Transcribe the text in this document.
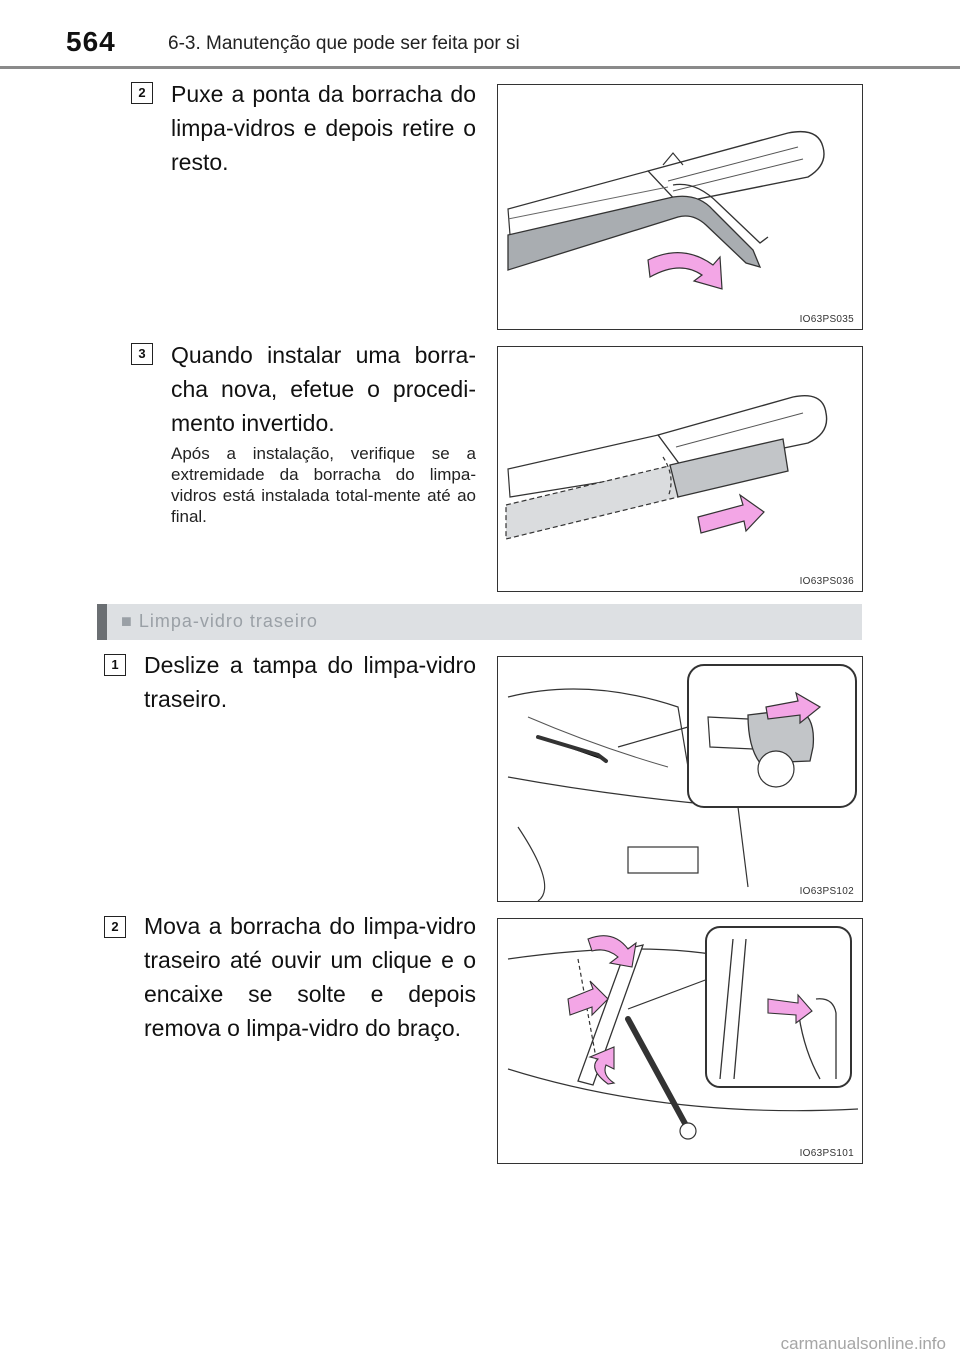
564	6-3. Manutenção que pode ser feita por si
2	Puxe a ponta da borracha do limpa-vidros e depois retire o resto.
IO63PS035
3	Quando instalar uma borra-cha nova, efetue o procedi-mento invertido.
Após a instalação, verifique se a extremidade da borracha do limpa-vidros está instalada total-mente até ao final.
IO63PS036
■ Limpa-vidro traseiro
1	Deslize a tampa do limpa-vidro traseiro.
IO63PS102
2	Mova a borracha do limpa-vidro traseiro até ouvir um clique e o encaixe se solte e depois remova o limpa-vidro do braço.
IO63PS101
carmanualsonline.info
